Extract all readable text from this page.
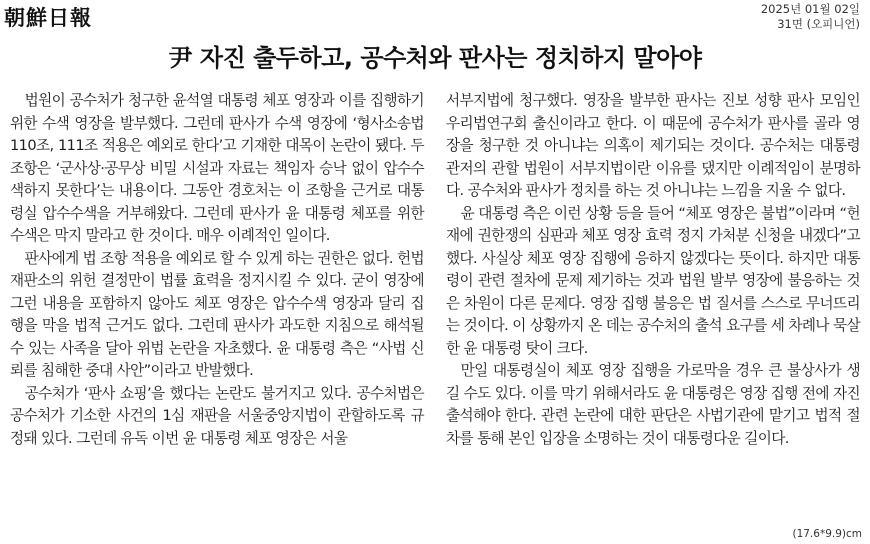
朝鮮日報	2025년 01월 02일
31면 (오피니언)
尹 자진 출두하고, 공수처와 판사는 정치하지 말아야

법원이 공수처가 청구한 윤석열 대통령 체포 영장과 이를 집행하기 위한 수색 영장을 발부했다. 그런데 판사가 수색 영장에 ‘형사소송법 110조, 111조 적용은 예외로 한다’고 기재한 대목이 논란이 됐다. 두 조항은 ‘군사상·공무상 비밀 시설과 자료는 책임자 승낙 없이 압수수색하지 못한다’는 내용이다. 그동안 경호처는 이 조항을 근거로 대통령실 압수수색을 거부해왔다. 그런데 판사가 윤 대통령 체포를 위한 수색은 막지 말라고 한 것이다. 매우 이례적인 일이다.

판사에게 법 조항 적용을 예외로 할 수 있게 하는 권한은 없다. 헌법재판소의 위헌 결정만이 법률 효력을 정지시킬 수 있다. 굳이 영장에 그런 내용을 포함하지 않아도 체포 영장은 압수수색 영장과 달리 집행을 막을 법적 근거도 없다. 그런데 판사가 과도한 지침으로 해석될 수 있는 사족을 달아 위법 논란을 자초했다. 윤 대통령 측은 “사법 신뢰를 침해한 중대 사안”이라고 반발했다.

공수처가 ‘판사 쇼핑’을 했다는 논란도 불거지고 있다. 공수처법은 공수처가 기소한 사건의 1심 재판을 서울중앙지법이 관할하도록 규정돼 있다. 그런데 유독 이번 윤 대통령 체포 영장은 서울

서부지법에 청구했다. 영장을 발부한 판사는 진보 성향 판사 모임인 우리법연구회 출신이라고 한다. 이 때문에 공수처가 판사를 골라 영장을 청구한 것 아니냐는 의혹이 제기되는 것이다. 공수처는 대통령 관저의 관할 법원이 서부지법이란 이유를 댔지만 이례적임이 분명하다. 공수처와 판사가 정치를 하는 것 아니냐는 느낌을 지울 수 없다.

윤 대통령 측은 이런 상황 등을 들어 “체포 영장은 불법”이라며 “헌재에 권한쟁의 심판과 체포 영장 효력 정지 가처분 신청을 내겠다”고 했다. 사실상 체포 영장 집행에 응하지 않겠다는 뜻이다. 하지만 대통령이 관련 절차에 문제 제기하는 것과 법원 발부 영장에 불응하는 것은 차원이 다른 문제다. 영장 집행 불응은 법 질서를 스스로 무너뜨리는 것이다. 이 상황까지 온 데는 공수처의 출석 요구를 세 차례나 묵살한 윤 대통령 탓이 크다.

만일 대통령실이 체포 영장 집행을 가로막을 경우 큰 불상사가 생길 수도 있다. 이를 막기 위해서라도 윤 대통령은 영장 집행 전에 자진 출석해야 한다. 관련 논란에 대한 판단은 사법기관에 맡기고 법적 절차를 통해 본인 입장을 소명하는 것이 대통령다운 길이다.

(17.6*9.9)cm
